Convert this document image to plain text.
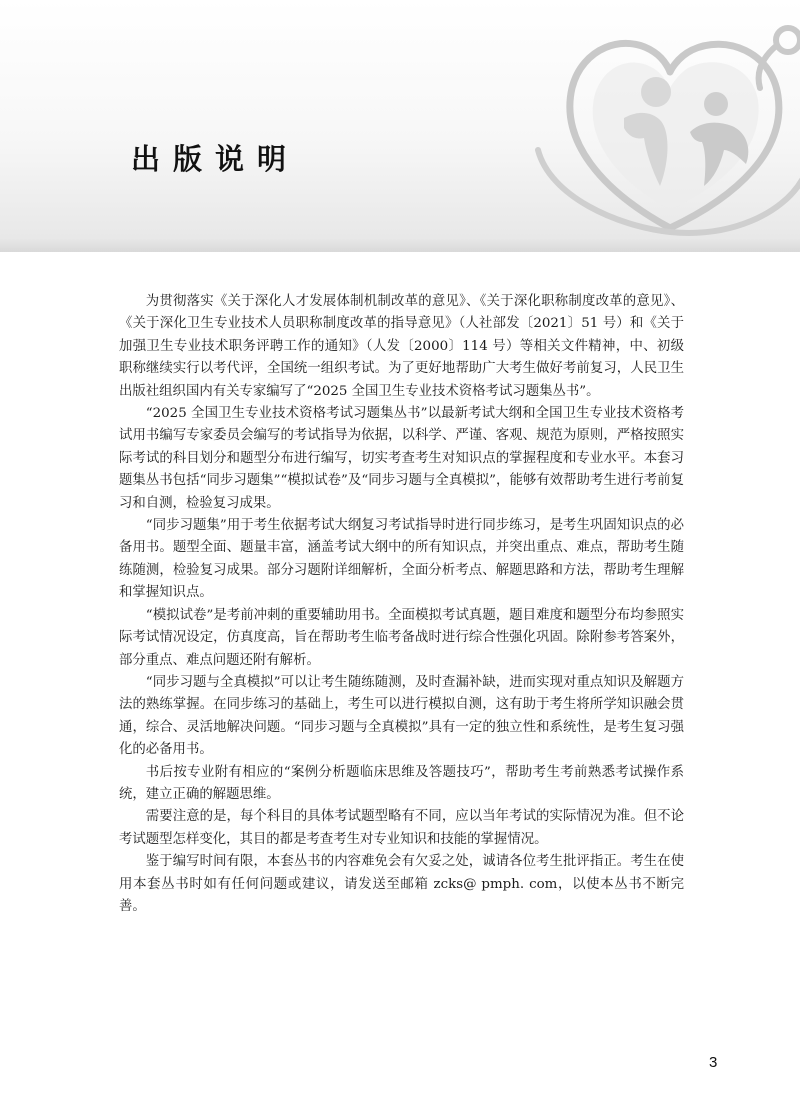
出版说明

为贯彻落实《关于深化人才发展体制机制改革的意见》、《关于深化职称制度改革的意见》、《关于深化卫生专业技术人员职称制度改革的指导意见》（人社部发〔2021〕51 号）和《关于加强卫生专业技术职务评聘工作的通知》（人发〔2000〕114 号）等相关文件精神，中、初级职称继续实行以考代评，全国统一组织考试。为了更好地帮助广大考生做好考前复习，人民卫生出版社组织国内有关专家编写了“2025 全国卫生专业技术资格考试习题集丛书”。

“2025 全国卫生专业技术资格考试习题集丛书”以最新考试大纲和全国卫生专业技术资格考试用书编写专家委员会编写的考试指导为依据，以科学、严谨、客观、规范为原则，严格按照实际考试的科目划分和题型分布进行编写，切实考查考生对知识点的掌握程度和专业水平。本套习题集丛书包括“同步习题集”“模拟试卷”及“同步习题与全真模拟”，能够有效帮助考生进行考前复习和自测，检验复习成果。

“同步习题集”用于考生依据考试大纲复习考试指导时进行同步练习，是考生巩固知识点的必备用书。题型全面、题量丰富，涵盖考试大纲中的所有知识点，并突出重点、难点，帮助考生随练随测，检验复习成果。部分习题附详细解析，全面分析考点、解题思路和方法，帮助考生理解和掌握知识点。

“模拟试卷”是考前冲刺的重要辅助用书。全面模拟考试真题，题目难度和题型分布均参照实际考试情况设定，仿真度高，旨在帮助考生临考备战时进行综合性强化巩固。除附参考答案外，部分重点、难点问题还附有解析。

“同步习题与全真模拟”可以让考生随练随测，及时查漏补缺，进而实现对重点知识及解题方法的熟练掌握。在同步练习的基础上，考生可以进行模拟自测，这有助于考生将所学知识融会贯通，综合、灵活地解决问题。“同步习题与全真模拟”具有一定的独立性和系统性，是考生复习强化的必备用书。

书后按专业附有相应的“案例分析题临床思维及答题技巧”，帮助考生考前熟悉考试操作系统，建立正确的解题思维。

需要注意的是，每个科目的具体考试题型略有不同，应以当年考试的实际情况为准。但不论考试题型怎样变化，其目的都是考查考生对专业知识和技能的掌握情况。

鉴于编写时间有限，本套丛书的内容难免会有欠妥之处，诚请各位考生批评指正。考生在使用本套丛书时如有任何问题或建议，请发送至邮箱 zcks@ pmph. com，以使本丛书不断完善。

3
